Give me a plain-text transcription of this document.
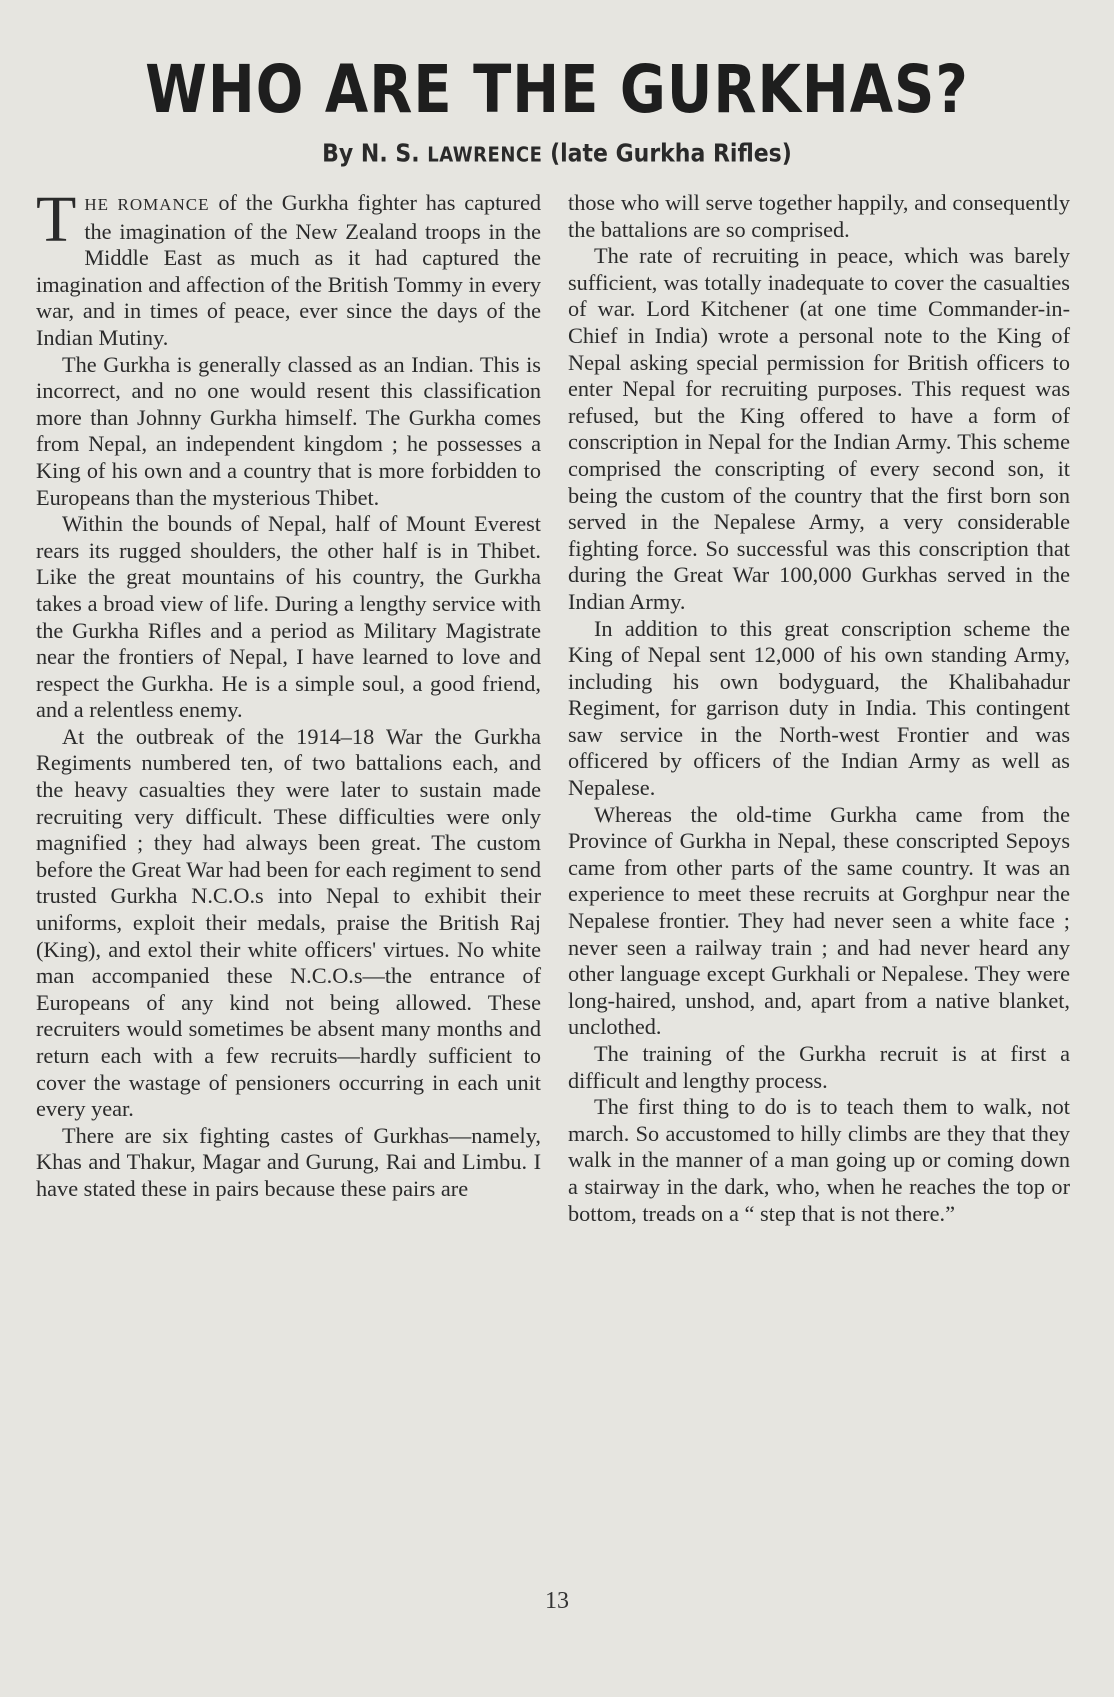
WHO ARE THE GURKHAS?
By N. S. LAWRENCE (late Gurkha Rifles)

THE ROMANCE of the Gurkha fighter has captured the imagination of the New Zealand troops in the Middle East as much as it had captured the imagination and affection of the British Tommy in every war, and in times of peace, ever since the days of the Indian Mutiny.

The Gurkha is generally classed as an Indian. This is incorrect, and no one would resent this classification more than Johnny Gurkha himself. The Gurkha comes from Nepal, an independent kingdom ; he possesses a King of his own and a country that is more forbidden to Europeans than the mysterious Thibet.

Within the bounds of Nepal, half of Mount Everest rears its rugged shoulders, the other half is in Thibet. Like the great mountains of his country, the Gurkha takes a broad view of life. During a lengthy service with the Gurkha Rifles and a period as Military Magistrate near the frontiers of Nepal, I have learned to love and respect the Gurkha. He is a simple soul, a good friend, and a relentless enemy.

At the outbreak of the 1914–18 War the Gurkha Regiments numbered ten, of two battalions each, and the heavy casualties they were later to sustain made recruiting very difficult. These difficulties were only magnified ; they had always been great. The custom before the Great War had been for each regiment to send trusted Gurkha N.C.O.s into Nepal to exhibit their uniforms, exploit their medals, praise the British Raj (King), and extol their white officers' virtues. No white man accompanied these N.C.O.s—the entrance of Europeans of any kind not being allowed. These recruiters would sometimes be absent many months and return each with a few recruits—hardly sufficient to cover the wastage of pensioners occurring in each unit every year.

There are six fighting castes of Gurkhas—namely, Khas and Thakur, Magar and Gurung, Rai and Limbu. I have stated these in pairs because these pairs are

those who will serve together happily, and consequently the battalions are so comprised.

The rate of recruiting in peace, which was barely sufficient, was totally inadequate to cover the casualties of war. Lord Kitchener (at one time Commander-in-Chief in India) wrote a personal note to the King of Nepal asking special permission for British officers to enter Nepal for recruiting purposes. This request was refused, but the King offered to have a form of conscription in Nepal for the Indian Army. This scheme comprised the conscripting of every second son, it being the custom of the country that the first born son served in the Nepalese Army, a very considerable fighting force. So successful was this conscription that during the Great War 100,000 Gurkhas served in the Indian Army.

In addition to this great conscription scheme the King of Nepal sent 12,000 of his own standing Army, including his own bodyguard, the Khalibahadur Regiment, for garrison duty in India. This contingent saw service in the North-west Frontier and was officered by officers of the Indian Army as well as Nepalese.

Whereas the old-time Gurkha came from the Province of Gurkha in Nepal, these conscripted Sepoys came from other parts of the same country. It was an experience to meet these recruits at Gorghpur near the Nepalese frontier. They had never seen a white face ; never seen a railway train ; and had never heard any other language except Gurkhali or Nepalese. They were long-haired, unshod, and, apart from a native blanket, unclothed.

The training of the Gurkha recruit is at first a difficult and lengthy process.

The first thing to do is to teach them to walk, not march. So accustomed to hilly climbs are they that they walk in the manner of a man going up or coming down a stairway in the dark, who, when he reaches the top or bottom, treads on a “ step that is not there.”

13
